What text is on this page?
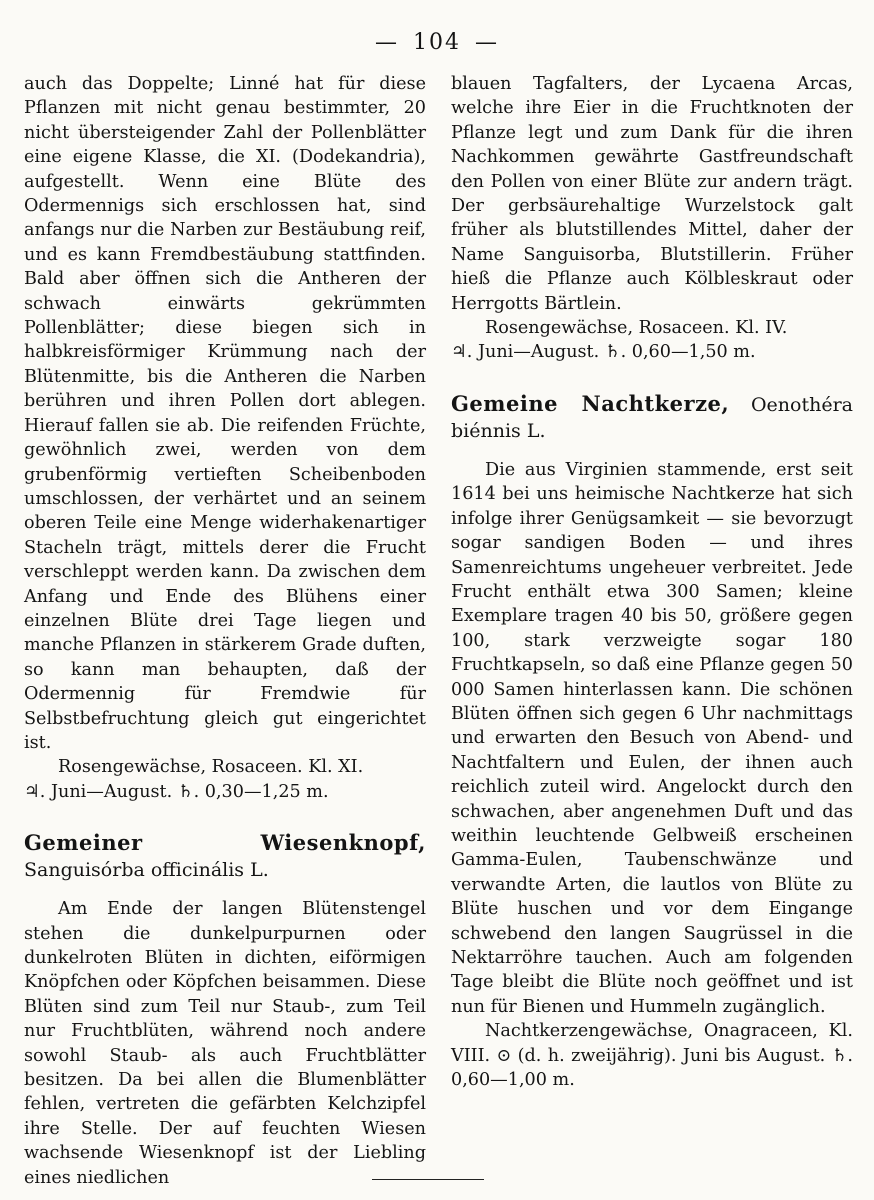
— 104 —

auch das Doppelte; Linné hat für diese Pflanzen mit nicht genau bestimmter, 20 nicht übersteigender Zahl der Pollenblätter eine eigene Klasse, die XI. (Dodekandria), aufgestellt. Wenn eine Blüte des Odermennigs sich erschlossen hat, sind anfangs nur die Narben zur Bestäubung reif, und es kann Fremdbestäubung stattfinden. Bald aber öffnen sich die Antheren der schwach einwärts gekrümmten Pollenblätter; diese biegen sich in halbkreisförmiger Krümmung nach der Blütenmitte, bis die Antheren die Narben berühren und ihren Pollen dort ablegen. Hierauf fallen sie ab. Die reifenden Früchte, gewöhnlich zwei, werden von dem grubenförmig vertieften Scheibenboden umschlossen, der verhärtet und an seinem oberen Teile eine Menge widerhakenartiger Stacheln trägt, mittels derer die Frucht verschleppt werden kann. Da zwischen dem Anfang und Ende des Blühens einer einzelnen Blüte drei Tage liegen und manche Pflanzen in stärkerem Grade duften, so kann man behaupten, daß der Odermennig für Fremdwie für Selbstbefruchtung gleich gut eingerichtet ist.

Rosengewächse, Rosaceen. Kl. XI.

♃. Juni—August. ♄. 0,30—1,25 m.

Gemeiner Wiesenknopf, Sanguisórba officinális L.

Am Ende der langen Blütenstengel stehen die dunkelpurpurnen oder dunkelroten Blüten in dichten, eiförmigen Knöpfchen oder Köpfchen beisammen. Diese Blüten sind zum Teil nur Staub-, zum Teil nur Fruchtblüten, während noch andere sowohl Staub- als auch Fruchtblätter besitzen. Da bei allen die Blumenblätter fehlen, vertreten die gefärbten Kelchzipfel ihre Stelle. Der auf feuchten Wiesen wachsende Wiesenknopf ist der Liebling eines niedlichen

blauen Tagfalters, der Lycaena Arcas, welche ihre Eier in die Fruchtknoten der Pflanze legt und zum Dank für die ihren Nachkommen gewährte Gastfreundschaft den Pollen von einer Blüte zur andern trägt. Der gerbsäurehaltige Wurzelstock galt früher als blutstillendes Mittel, daher der Name Sanguisorba, Blutstillerin. Früher hieß die Pflanze auch Kölbleskraut oder Herrgotts Bärtlein.

Rosengewächse, Rosaceen. Kl. IV.

♃. Juni—August. ♄. 0,60—1,50 m.

Gemeine Nachtkerze, Oenothéra biénnis L.

Die aus Virginien stammende, erst seit 1614 bei uns heimische Nachtkerze hat sich infolge ihrer Genügsamkeit — sie bevorzugt sogar sandigen Boden — und ihres Samenreichtums ungeheuer verbreitet. Jede Frucht enthält etwa 300 Samen; kleine Exemplare tragen 40 bis 50, größere gegen 100, stark verzweigte sogar 180 Fruchtkapseln, so daß eine Pflanze gegen 50 000 Samen hinterlassen kann. Die schönen Blüten öffnen sich gegen 6 Uhr nachmittags und erwarten den Besuch von Abend- und Nachtfaltern und Eulen, der ihnen auch reichlich zuteil wird. Angelockt durch den schwachen, aber angenehmen Duft und das weithin leuchtende Gelbweiß erscheinen Gamma-Eulen, Taubenschwänze und verwandte Arten, die lautlos von Blüte zu Blüte huschen und vor dem Eingange schwebend den langen Saugrüssel in die Nektarröhre tauchen. Auch am folgenden Tage bleibt die Blüte noch geöffnet und ist nun für Bienen und Hummeln zugänglich.

Nachtkerzengewächse, Onagraceen, Kl. VIII. ⊙ (d. h. zweijährig). Juni bis August. ♄. 0,60—1,00 m.
